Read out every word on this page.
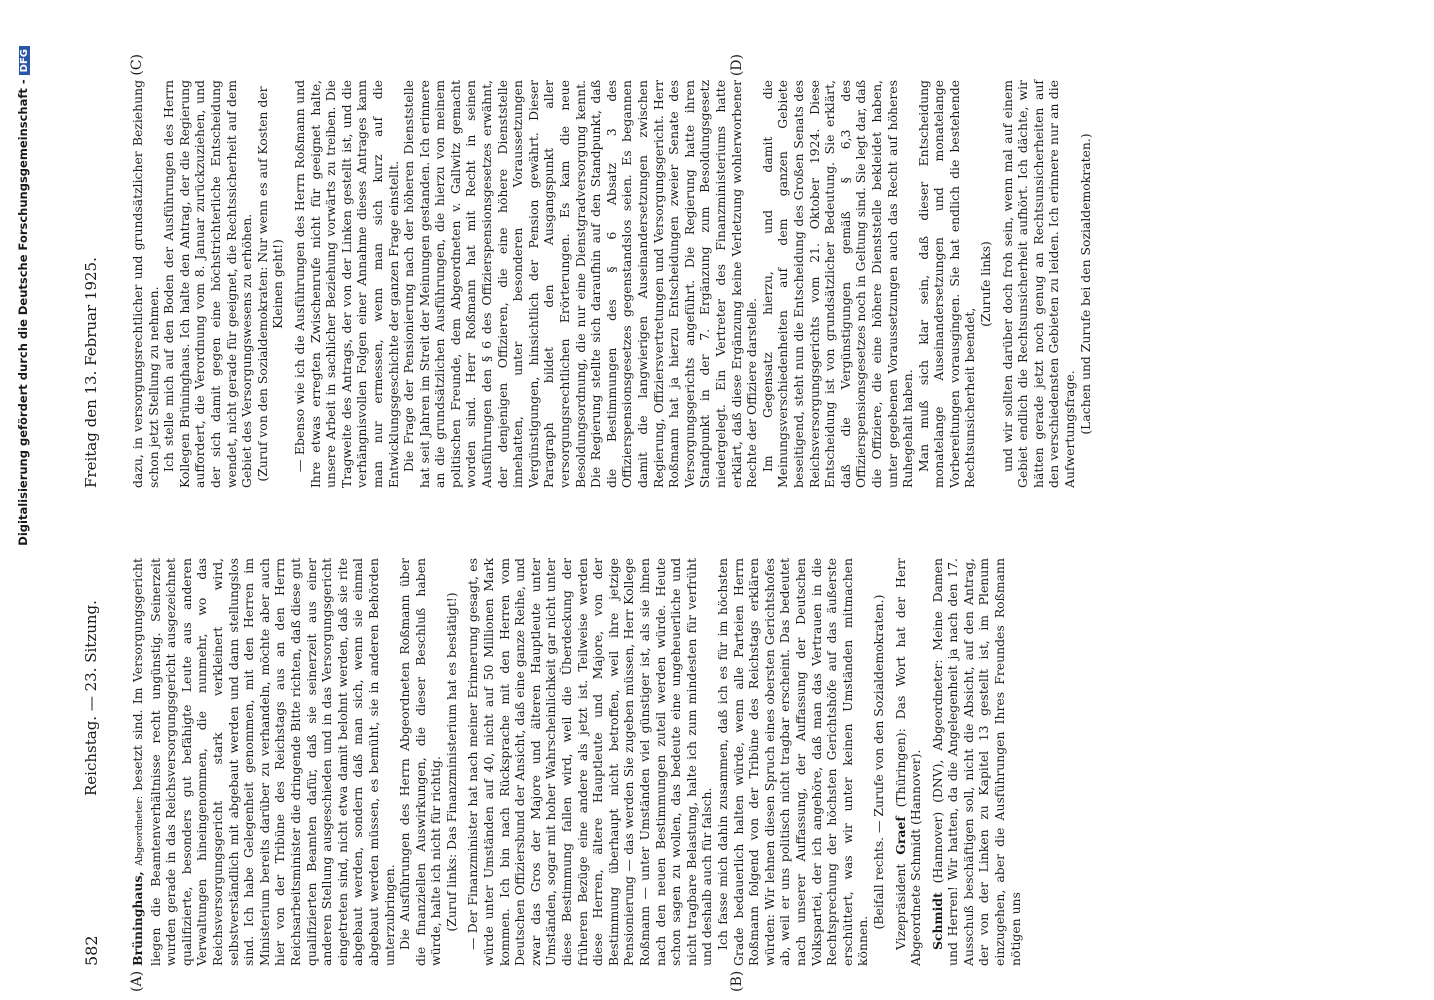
Digitalisierung gefördert durch die Deutsche Forschungsgemeinschaft -DFG
582
Reichstag. — 23. Sitzung.
Freitag den 13. Februar 1925.
(A)	(B)

Brüninghaus, Abgeordneter: besetzt sind. Im Versorgungsgericht liegen die Beamtenverhältnisse recht ungünstig. Seinerzeit wurden gerade in das Reichsversorgungsgericht ausgezeichnet qualifizierte, besonders gut befähigte Leute aus anderen Verwaltungen hineingenommen, die nunmehr, wo das Reichsversorgungsgericht stark verkleinert wird, selbstverständlich mit abgebaut werden und dann stellungslos sind. Ich habe Gelegenheit genommen, mit den Herren im Ministerium bereits darüber zu verhandeln, möchte aber auch hier von der Tribüne des Reichstags aus an den Herrn Reichsarbeitsminister die dringende Bitte richten, daß diese gut qualifizierten Beamten dafür, daß sie seinerzeit aus einer anderen Stellung ausgeschieden und in das Versorgungsgericht eingetreten sind, nicht etwa damit belohnt werden, daß sie rite abgebaut werden, sondern daß man sich, wenn sie einmal abgebaut werden müssen, es bemüht, sie in anderen Behörden unterzubringen. Die Ausführungen des Herrn Abgeordneten Roßmann über die finanziellen Auswirkungen, die dieser Beschluß haben würde, halte ich nicht für richtig. (Zuruf links: Das Finanzministerium hat es bestätigt!) — Der Finanzminister hat nach meiner Erinnerung gesagt, es würde unter Umständen auf 40, nicht auf 50 Millionen Mark kommen. Ich bin nach Rücksprache mit den Herren vom Deutschen Offiziersbund der Ansicht, daß eine ganze Reihe, und zwar das Gros der Majore und älteren Hauptleute unter Umständen, sogar mit hoher Wahrscheinlichkeit gar nicht unter diese Bestimmung fallen wird, weil die Überdeckung der früheren Bezüge eine andere als jetzt ist. Teilweise werden diese Herren, ältere Hauptleute und Majore, von der Bestimmung überhaupt nicht betroffen, weil ihre jetzige Pensionierung — das werden Sie zugeben müssen, Herr Kollege Roßmann — unter Umständen viel günstiger ist, als sie ihnen nach den neuen Bestimmungen zuteil werden würde. Heute schon sagen zu wollen, das bedeute eine ungeheuerliche und nicht tragbare Belastung, halte ich zum mindesten für verfrüht und deshalb auch für falsch. Ich fasse mich dahin zusammen, daß ich es für im höchsten Grade bedauerlich halten würde, wenn alle Parteien Herrn Roßmann folgend von der Tribüne des Reichstags erklären würden: Wir lehnen diesen Spruch eines obersten Gerichtshofes ab, weil er uns politisch nicht tragbar erscheint. Das bedeutet nach unserer Auffassung, der Auffassung der Deutschen Volkspartei, der ich angehöre, daß man das Vertrauen in die Rechtsprechung der höchsten Gerichtshöfe auf das äußerste erschüttert, was wir unter keinen Umständen mitmachen können.

(Beifall rechts. — Zurufe von den Sozialdemokraten.) Vizepräsident Graef (Thüringen): Das Wort hat der Herr Abgeordnete Schmidt (Hannover). Schmidt (Hannover) (DNV), Abgeordneter: Meine Damen und Herren! Wir hatten, da die Angelegenheit ja nach den 17. Ausschuß beschäftigen soll, nicht die Absicht, auf den Antrag, der von der Linken zu Kapitel 13 gestellt ist, im Plenum einzugehen, aber die Ausführungen Ihres Freundes Roßmann nötigen uns

(C)	(D)

dazu, in versorgungsrechtlicher und grundsätzlicher Beziehung schon jetzt Stellung zu nehmen. Ich stelle mich auf den Boden der Ausführungen des Herrn Kollegen Brüninghaus. Ich halte den Antrag, der die Regierung auffordert, die Verordnung vom 8. Januar zurückzuziehen, und der sich damit gegen eine höchstrichterliche Entscheidung wendet, nicht gerade für geeignet, die Rechtssicherheit auf dem Gebiet des Versorgungswesens zu erhöhen. (Zuruf von den Sozialdemokraten: Nur wenn es auf Kosten der Kleinen geht!) — Ebenso wie ich die Ausführungen des Herrn Roßmann und Ihre etwas erregten Zwischenrufe nicht für geeignet halte, unsere Arbeit in sachlicher Beziehung vorwärts zu treiben. Die Tragweite des Antrags, der von der Linken gestellt ist, und die verhängnisvollen Folgen einer Annahme dieses Antrages kann man nur ermessen, wenn man sich kurz auf die Entwicklungsgeschichte der ganzen Frage einstellt. Die Frage der Pensionierung nach der höheren Dienststelle hat seit Jahren im Streit der Meinungen gestanden. Ich erinnere an die grundsätzlichen Ausführungen, die hierzu von meinem politischen Freunde, dem Abgeordneten v. Gallwitz gemacht worden sind. Herr Roßmann hat mit Recht in seinen Ausführungen den § 6 des Offizierspensionsgesetzes erwähnt, der denjenigen Offizieren, die eine höhere Dienststelle innehatten, unter besonderen Voraussetzungen Vergünstigungen, hinsichtlich der Pension gewährt. Dieser Paragraph bildet den Ausgangspunkt aller versorgungsrechtlichen Erörterungen. Es kam die neue Besoldungsordnung, die nur eine Dienstgradversorgung kennt. Die Regierung stellte sich daraufhin auf den Standpunkt, daß die Bestimmungen des § 6 Absatz 3 des Offizierspensionsgesetzes gegenstandslos seien. Es begannen damit die langwierigen Auseinandersetzungen zwischen Regierung, Offiziersvertretungen und Versorgungsgericht. Herr Roßmann hat ja hierzu Entscheidungen zweier Senate des Versorgungsgerichts angeführt. Die Regierung hatte ihren Standpunkt in der 7. Ergänzung zum Besoldungsgesetz niedergelegt. Ein Vertreter des Finanzministeriums hatte erklärt, daß diese Ergänzung keine Verletzung wohlerworbener Rechte der Offiziere darstelle. Im Gegensatz hierzu, und damit die Meinungsverschiedenheiten auf dem ganzen Gebiete beseitigend, steht nun die Entscheidung des Großen Senats des Reichsversorgungsgerichts vom 21. Oktober 1924. Diese Entscheidung ist von grundsätzlicher Bedeutung. Sie erklärt, daß die Vergünstigungen gemäß § 6,3 des Offizierspensionsgesetzes noch in Geltung sind. Sie legt dar, daß die Offiziere, die eine höhere Dienststelle bekleidet haben, unter gegebenen Voraussetzungen auch das Recht auf höheres Ruhegehalt haben. Man muß sich klar sein, daß dieser Entscheidung monatelange Auseinandersetzungen und monatelange Vorbereitungen vorausgingen. Sie hat endlich die bestehende Rechtsunsicherheit beendet,

(Zurufe links) und wir sollten darüber doch froh sein, wenn mal auf einem Gebiet endlich die Rechtsunsicherheit aufhört. Ich dächte, wir hätten gerade jetzt noch genug an Rechtsunsicherheiten auf den verschiedensten Gebieten zu leiden. Ich erinnere nur an die Aufwertungsfrage. (Lachen und Zurufe bei den Sozialdemokraten.)
